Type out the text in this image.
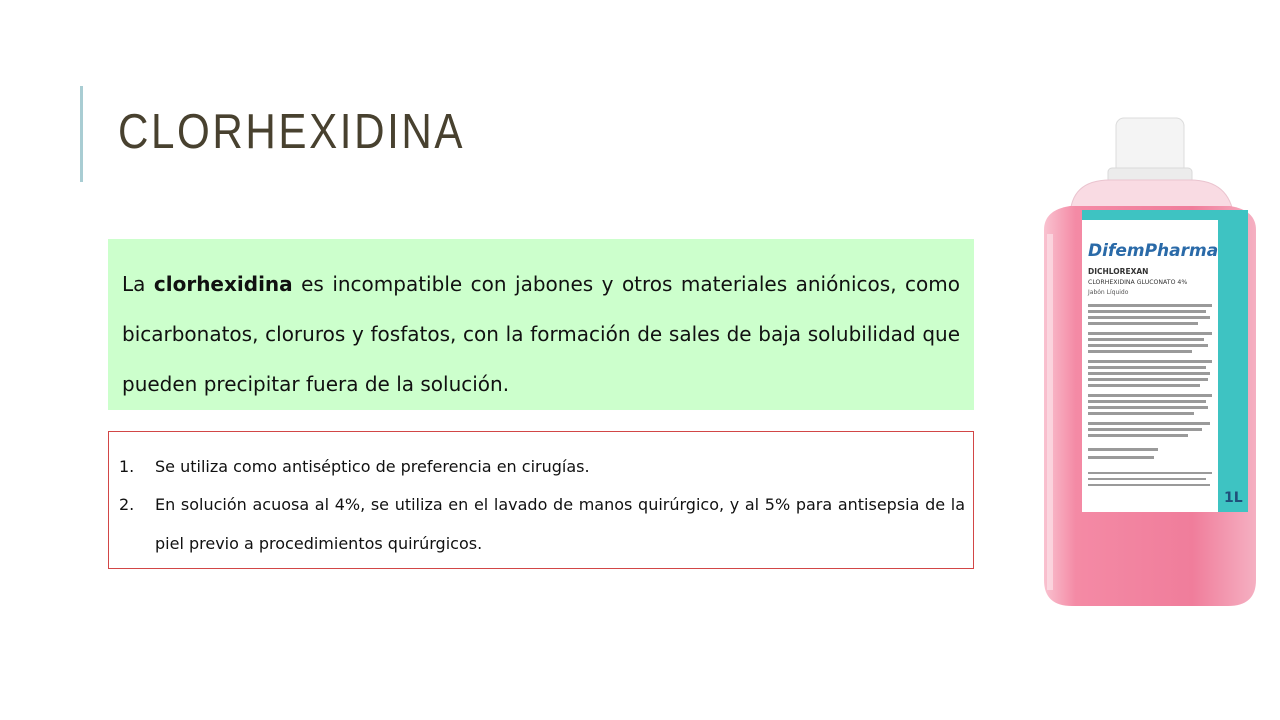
CLORHEXIDINA

La clorhexidina es incompatible con jabones y otros materiales aniónicos, como bicarbonatos, cloruros y fosfatos, con la formación de sales de baja solubilidad que pueden precipitar fuera de la solución.

1. Se utiliza como antiséptico de preferencia en cirugías.
2. En solución acuosa al 4%, se utiliza en el lavado de manos quirúrgico, y al 5% para antisepsia de la piel previo a procedimientos quirúrgicos.
DifemPharma
DICHLOREXAN
CLORHEXIDINA GLUCONATO 4%
Jabón Líquido
1L
